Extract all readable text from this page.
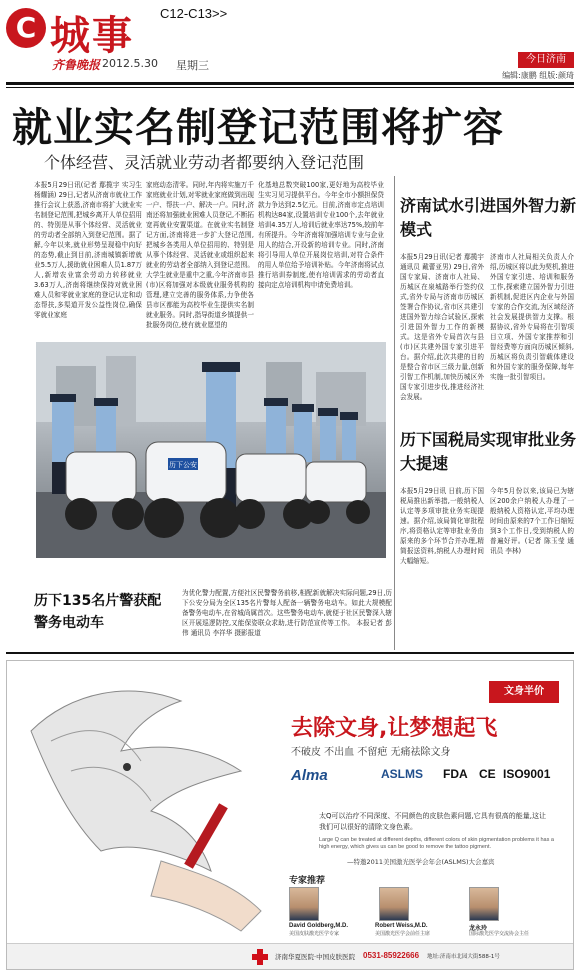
C 城事 C12-C13>>
齐鲁晚报 2012.5.30 星期三	今日济南
编辑:康鹏 组版:颜琦
就业实名制登记范围将扩容
个体经营、灵活就业劳动者都要纳入登记范围
本报5月29日讯(记者 鄢揽宇 实习生 杨耀涵) 29日,记者从济南市就业工作推行会议上获悉,济南市将扩大就业实名制登记范围,把城乡离开人单位招用的、特别是从事个体经营、灵活就业的劳动者全部纳入到登记范围。据了解,今年以来,就业形势呈现稳中向好的态势,截止到目前,济南城镇新增就业5.5万人,援助就业困难人员1.87万人,新增农业富余劳动力转移就业3.63万人,济南将继续保持对就业困难人员和零就业家庭的登记认定和动态帮扶,多渠道开发公益性岗位,确保零就业家庭
家庭动态清零。同时,年内将实施万千家庭就业计划,对零就业家庭做到出现一户、帮扶一户、解决一户。同时,济南还将加强就业困难人员登记,不断拓宽再就业安置渠道。在就业实名制登记方面,济南将进一步扩大登记范围,把城乡各类用人单位招用的、特别是从事个体经营、灵活就业或组织起来就业的劳动者全部纳入到登记范围。大学生就业是重中之重,今年济南市县(市)区将加强对本级就业服务机构的管理,建立完善的服务体系,力争使各县市区都能为高校毕业生提供实名制就业服务。同时,指导街道乡镇提供一批服务岗位,使有就业愿望的
化基地总数突破100家,更好地为高校毕业生实习见习提供平台。今年全市小额担保贷款力争达到2.5亿元。目前,济南市定点培训机构达84家,设置培训专业100个,去年就业培训4.35万人,培训后就业率达75%,较前年有所提升。今年济南将加强培训专业与企业用人的结合,开设新的培训专业。同时,济南将引导用人单位开展岗位培训,对符合条件的用人单位给予培训补贴。今年济南将试点推行培训券制度,使有培训需求的劳动者直接向定点培训机构申请免费培训。
济南试水引进国外智力新模式
本报5月29日讯(记者 鄢揽宇 通讯员 戴蕾亚男) 29日,省外国专家局、济南市人社局、历城区在泉城路举行签约仪式,省外专局与济南市历城区签署合作协议,省市区共建引进国外智力综合试验区,探索引进国外智力工作的新模式。这是省外专局首次与县(市)区共建外国专家引进平台。据介绍,此次共建的目的是整合省市区三级力量,创新引智工作机制,加快历城区外国专家引进步伐,推进经济社会发展。
济南市人社局相关负责人介绍,历城区将以此为契机,推进外国专家引进、培训和服务工作,探索建立国外智力引进新机制,促进区内企业与外国专家的合作交流,为区域经济社会发展提供智力支撑。根据协议,省外专局将在引智项目立项、外国专家推荐和引智经费等方面向历城区倾斜,历城区将负责引智载体建设和外国专家的服务保障,每年实施一批引智项目。
历下国税局实现审批业务大提速
本报5月29日讯 日前,历下国税局推出新举措,一般纳税人认定等多项审批业务实现提速。据介绍,该局简化审批程序,将资格认定等审批业务由原来的多个环节合并办理,精简报送资料,纳税人办理时间大幅缩短。
今年5月份以来,该局已为辖区200余户纳税人办理了一般纳税人资格认定,平均办理时间由原来的7个工作日缩短到3个工作日,受到纳税人的普遍好评。(记者 陈玉莹 通讯员 李林)
历下公安
历下135名片警获配警务电动车
为优化警力配置,方便社区民警警务前移,相配新就解决实际问题,29日,历下公安分局为全区135名片警每人配备一辆警务电动车。如此大规模配备警务电动车,在省城尚属首次。这些警务电动车,就便于社区民警深入辖区开展巡逻防控,又能保姿联众求助,进行防范宣传等工作。 本报记者 彭伟 通讯员 李祥华 摄影报道
文身半价
去除文身,让梦想起飞
不破皮 不出血 不留疤 无痛祛除文身
Alma	ASLMS FDA CE ISO9001
太Q可以治疗不同深度、不同颜色的皮肤色素问题,它具有很高的能量,这让我们可以很好的清除文身色素。
Large Q can be treated at different depths, different colors of skin pigmentation problems it has a high energy, which gives us can be good to remove the tattoo pigment.
—特邀2011美国激光医学会年会(ASLMS)大会嘉宾
专家推荐
David Goldberg,M.D.
美国皮肤激光医学专家
Robert Weiss,M.D.
美国激光医学会前任主席
龙永玲
国际激光医学交流协会主任
济南华夏医院·中国皮肤医院 0531-85922666 地址:济南市北园大街588-1号
